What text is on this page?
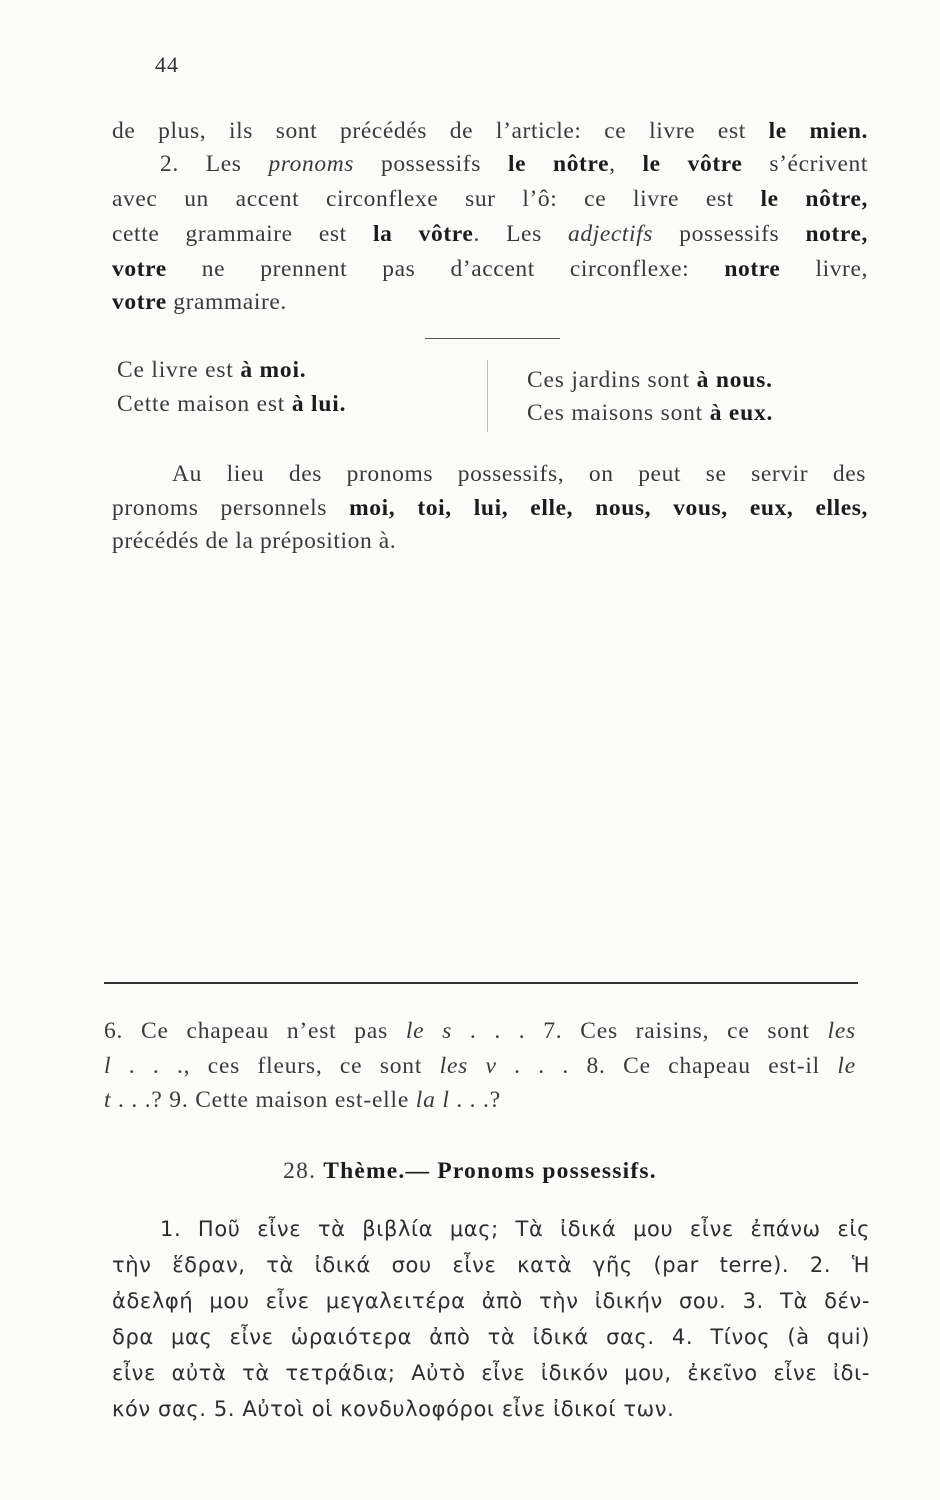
44
de plus, ils sont précédés de l’article: ce livre est le mien.
2. Les pronoms possessifs le nôtre, le vôtre s’écrivent
avec un accent circonflexe sur l’ô: ce livre est le nôtre,
cette grammaire est la vôtre. Les adjectifs possessifs notre,
votre ne prennent pas d’accent circonflexe: notre livre,
votre grammaire.
Ce livre est à moi.
Cette maison est à lui.
Ces jardins sont à nous.
Ces maisons sont à eux.
Au lieu des pronoms possessifs, on peut se servir des
pronoms personnels moi, toi, lui, elle, nous, vous, eux, elles,
précédés de la préposition à.
6. Ce chapeau n’est pas le s . . . 7. Ces raisins, ce sont les
l . . ., ces fleurs, ce sont les v . . . 8. Ce chapeau est-il le
t . . .? 9. Cette maison est-elle la l . . .?
28. Thème.— Pronoms possessifs.
1. Ποῦ εἶνε τὰ βιβλία μας; Τὰ ἰδικά μου εἶνε ἐπάνω εἰς
τὴν ἕδραν, τὰ ἰδικά σου εἶνε κατὰ γῆς (par terre). 2. Ἡ
ἀδελφή μου εἶνε μεγαλειτέρα ἀπὸ τὴν ἰδικήν σου. 3. Τὰ δέν-
δρα μας εἶνε ὡραιότερα ἀπὸ τὰ ἰδικά σας. 4. Τίνος (à qui)
εἶνε αὐτὰ τὰ τετράδια; Αὐτὸ εἶνε ἰδικόν μου, ἐκεῖνο εἶνε ἰδι-
κόν σας. 5. Αὐτοὶ οἱ κονδυλοφόροι εἶνε ἰδικοί των.
